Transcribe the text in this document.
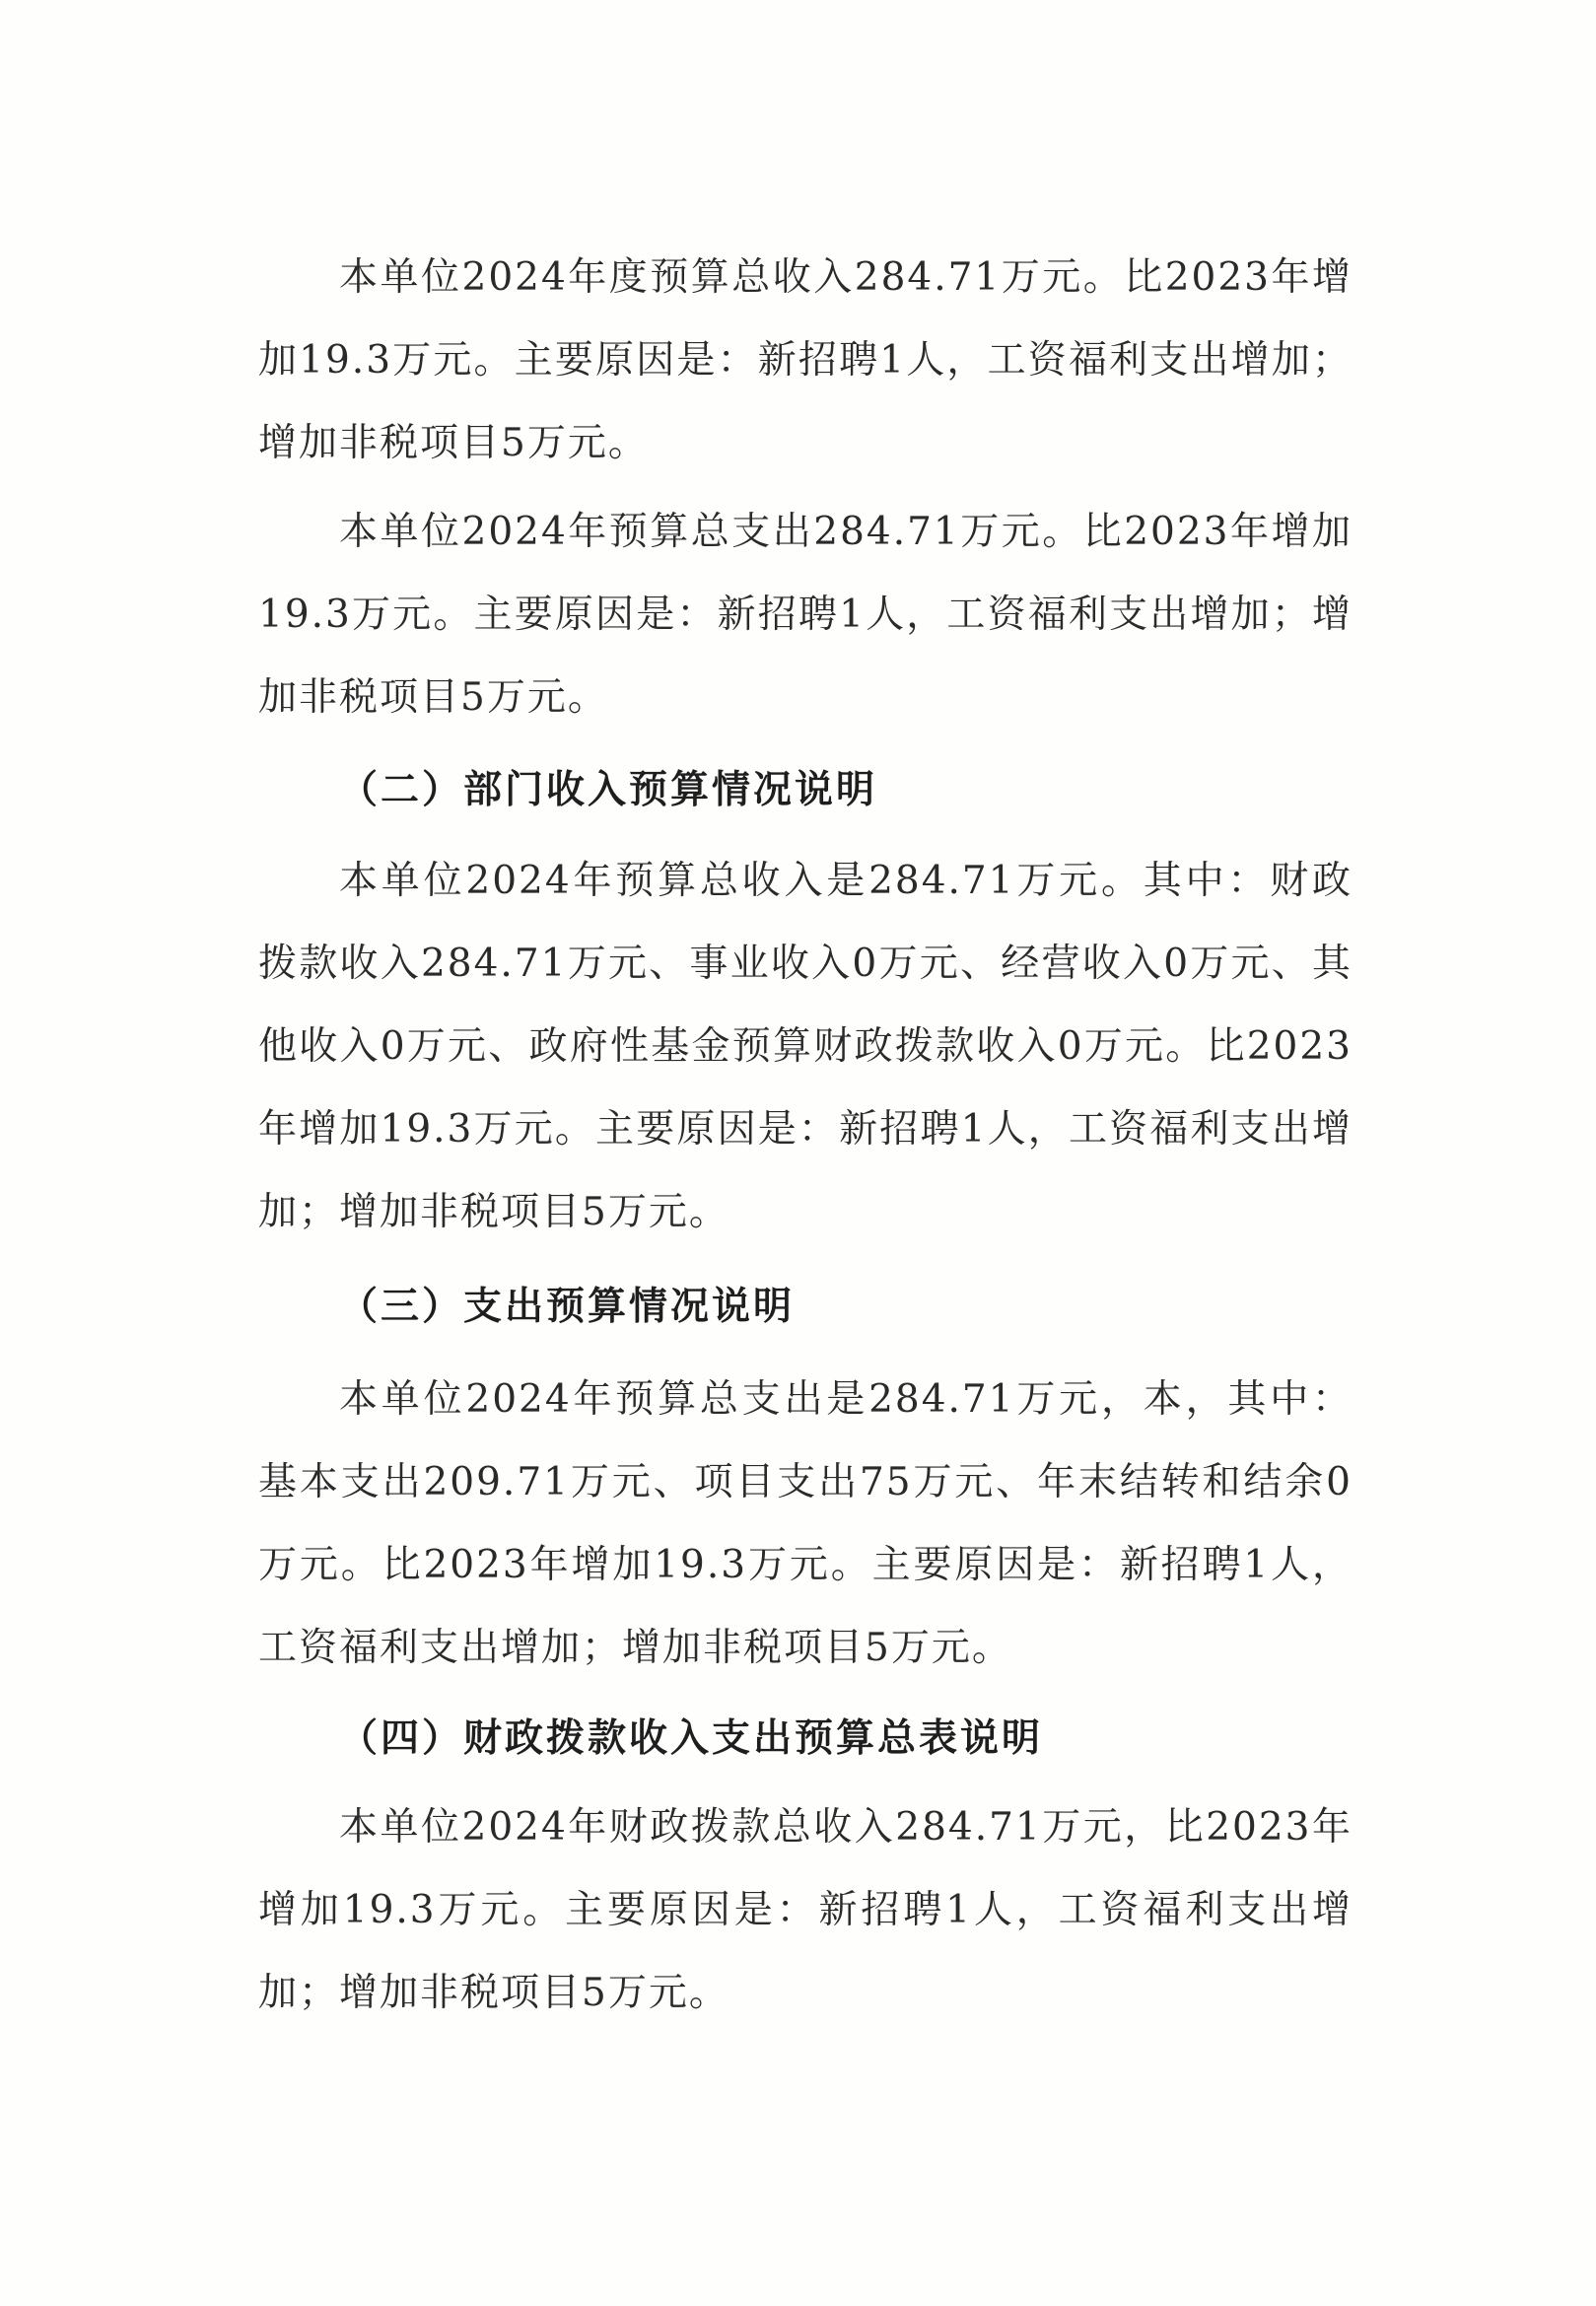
本单位2024年度预算总收入284.71万元。比2023年增加19.3万元。主要原因是：新招聘1人，工资福利支出增加；增加非税项目5万元。

本单位2024年预算总支出284.71万元。比2023年增加19.3万元。主要原因是：新招聘1人，工资福利支出增加；增加非税项目5万元。

（二）部门收入预算情况说明

本单位2024年预算总收入是284.71万元。其中：财政拨款收入284.71万元、事业收入0万元、经营收入0万元、其他收入0万元、政府性基金预算财政拨款收入0万元。比2023年增加19.3万元。主要原因是：新招聘1人，工资福利支出增加；增加非税项目5万元。

（三）支出预算情况说明

本单位2024年预算总支出是284.71万元，本，其中：基本支出209.71万元、项目支出75万元、年末结转和结余0万元。比2023年增加19.3万元。主要原因是：新招聘1人，工资福利支出增加；增加非税项目5万元。

（四）财政拨款收入支出预算总表说明

本单位2024年财政拨款总收入284.71万元，比2023年增加19.3万元。主要原因是：新招聘1人，工资福利支出增加；增加非税项目5万元。
